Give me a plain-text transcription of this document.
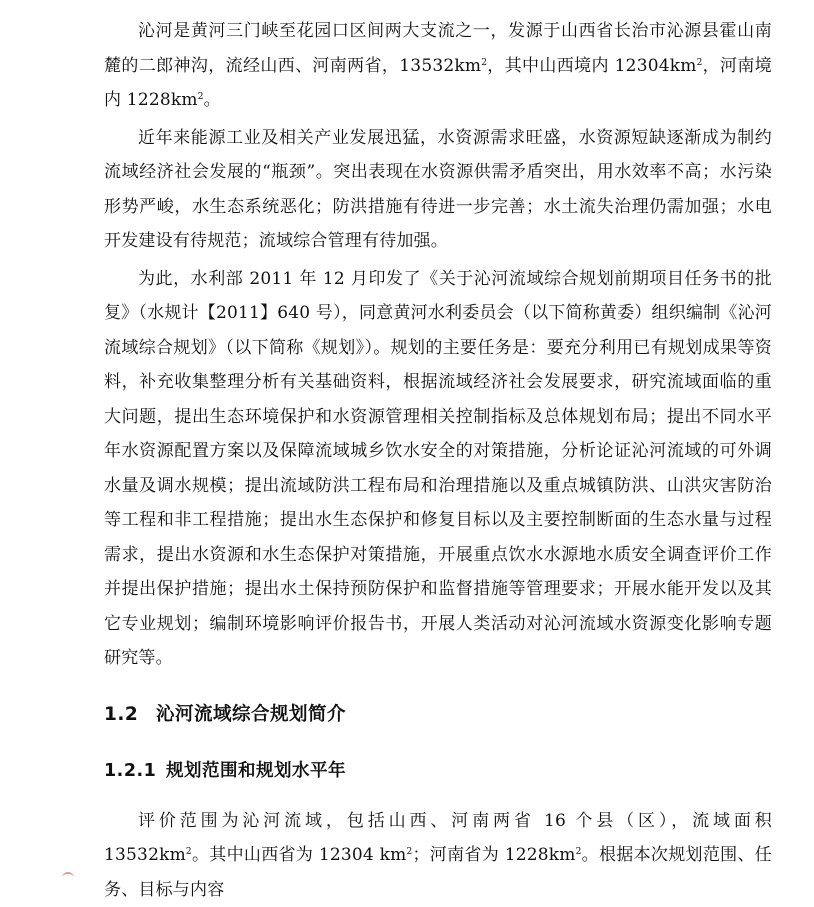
沁河是黄河三门峡至花园口区间两大支流之一，发源于山西省长治市沁源县霍山南麓的二郎神沟，流经山西、河南两省，$13532km^2$，其中山西境内 $12304km^2$，河南境内 $1228km^2$。

近年来能源工业及相关产业发展迅猛，水资源需求旺盛，水资源短缺逐渐成为制约流域经济社会发展的“瓶颈”。突出表现在水资源供需矛盾突出，用水效率不高；水污染形势严峻，水生态系统恶化；防洪措施有待进一步完善；水土流失治理仍需加强；水电开发建设有待规范；流域综合管理有待加强。

为此，水利部 2011 年 12 月印发了《关于沁河流域综合规划前期项目任务书的批复》（水规计【2011】640 号），同意黄河水利委员会（以下简称黄委）组织编制《沁河流域综合规划》（以下简称《规划》）。规划的主要任务是：要充分利用已有规划成果等资料，补充收集整理分析有关基础资料，根据流域经济社会发展要求，研究流域面临的重大问题，提出生态环境保护和水资源管理相关控制指标及总体规划布局；提出不同水平年水资源配置方案以及保障流域城乡饮水安全的对策措施，分析论证沁河流域的可外调水量及调水规模；提出流域防洪工程布局和治理措施以及重点城镇防洪、山洪灾害防治等工程和非工程措施；提出水生态保护和修复目标以及主要控制断面的生态水量与过程需求，提出水资源和水生态保护对策措施，开展重点饮水水源地水质安全调查评价工作并提出保护措施；提出水土保持预防保护和监督措施等管理要求；开展水能开发以及其它专业规划；编制环境影响评价报告书，开展人类活动对沁河流域水资源变化影响专题研究等。

1.2 沁河流域综合规划简介
1.2.1 规划范围和规划水平年

评价范围为沁河流域，包括山西、河南两省 16 个县（区），流域面积 $13532km^2$。其中山西省为 12304 $km^2$；河南省为 $1228km^2$。根据本次规划范围、任务、目标与内容
